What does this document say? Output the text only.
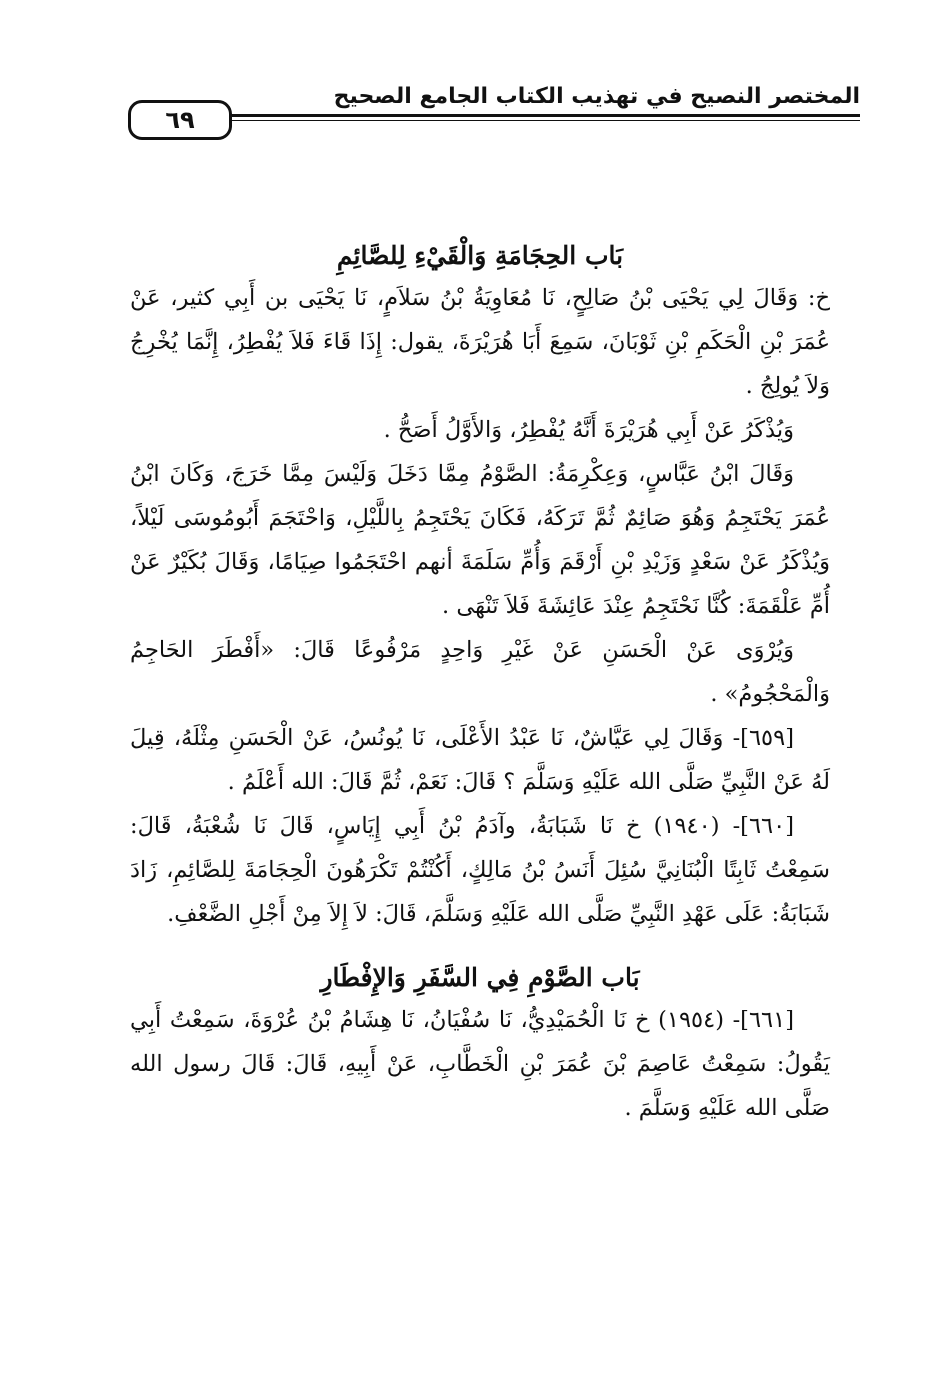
المختصر النصيح في تهذيب الكتاب الجامع الصحيح
٦٩
بَاب الحِجَامَةِ وَالْقَيْءِ لِلصَّائِمِ

خ: وَقَالَ لِي يَحْيَى بْنُ صَالِحٍ، نَا مُعَاوِيَةُ بْنُ سَلاَمٍ، نَا يَحْيَى بن أَبِي كثير، عَنْ عُمَرَ بْنِ الْحَكَمِ بْنِ ثَوْبَانَ، سَمِعَ أَبَا هُرَيْرَةَ، يقول: إِذَا قَاءَ فَلاَ يُفْطِرُ، إِنَّمَا يُخْرِجُ وَلاَ يُولِجُ .

وَيُذْكَرُ عَنْ أَبِي هُرَيْرَةَ أَنَّهُ يُفْطِرُ، وَالأَوَّلُ أَصَحُّ .

وَقَالَ ابْنُ عَبَّاسٍ، وَعِكْرِمَةُ: الصَّوْمُ مِمَّا دَخَلَ وَلَيْسَ مِمَّا خَرَجَ، وَكَانَ ابْنُ عُمَرَ يَحْتَجِمُ وَهُوَ صَائِمٌ ثُمَّ تَرَكَهُ، فَكَانَ يَحْتَجِمُ بِاللَّيْلِ، وَاحْتَجَمَ أَبُومُوسَى لَيْلاً، وَيُذْكَرُ عَنْ سَعْدٍ وَزَيْدِ بْنِ أَرْقَمَ وَأُمِّ سَلَمَةَ أنهم احْتَجَمُوا صِيَامًا، وَقَالَ بُكَيْرٌ عَنْ أُمِّ عَلْقَمَةَ: كُنَّا نَحْتَجِمُ عِنْدَ عَائِشَةَ فَلاَ تَنْهَى .

وَيُرْوَى عَنْ الْحَسَنِ عَنْ غَيْرِ وَاحِدٍ مَرْفُوعًا قَالَ: «أَفْطَرَ الحَاجِمُ وَالْمَحْجُومُ» .

[٦٥٩]- وَقَالَ لِي عَيَّاشٌ، نَا عَبْدُ الأَعْلَى، نَا يُونُسُ، عَنْ الْحَسَنِ مِثْلَهُ، قِيلَ لَهُ عَنْ النَّبِيِّ صَلَّى الله عَلَيْهِ وَسَلَّمَ ؟ قَالَ: نَعَمْ، ثُمَّ قَالَ: الله أَعْلَمُ .

[٦٦٠]- (١٩٤٠) خ نَا شَبَابَةُ، وآدَمُ بْنُ أَبِي إِيَاسٍ، قَالَ نَا شُعْبَةُ، قَالَ: سَمِعْتُ ثَابِتًا الْبُنَانِيَّ سُئِلَ أَنَسُ بْنُ مَالِكٍ، أَكُنْتُمْ تَكْرَهُونَ الْحِجَامَةَ لِلصَّائِمِ، زَادَ شَبَابَةُ: عَلَى عَهْدِ النَّبِيِّ صَلَّى الله عَلَيْهِ وَسَلَّمَ، قَالَ: لاَ إِلاَ مِنْ أَجْلِ الضَّعْفِ.

بَاب الصَّوْمِ فِي السَّفَرِ وَالإِفْطَارِ

[٦٦١]- (١٩٥٤) خ نَا الْحُمَيْدِيُّ، نَا سُفْيَانُ، نَا هِشَامُ بْنُ عُرْوَةَ، سَمِعْتُ أَبِي يَقُولُ: سَمِعْتُ عَاصِمَ بْنَ عُمَرَ بْنِ الْخَطَّابِ، عَنْ أَبِيهِ، قَالَ: قَالَ رسول الله صَلَّى الله عَلَيْهِ وَسَلَّمَ .
